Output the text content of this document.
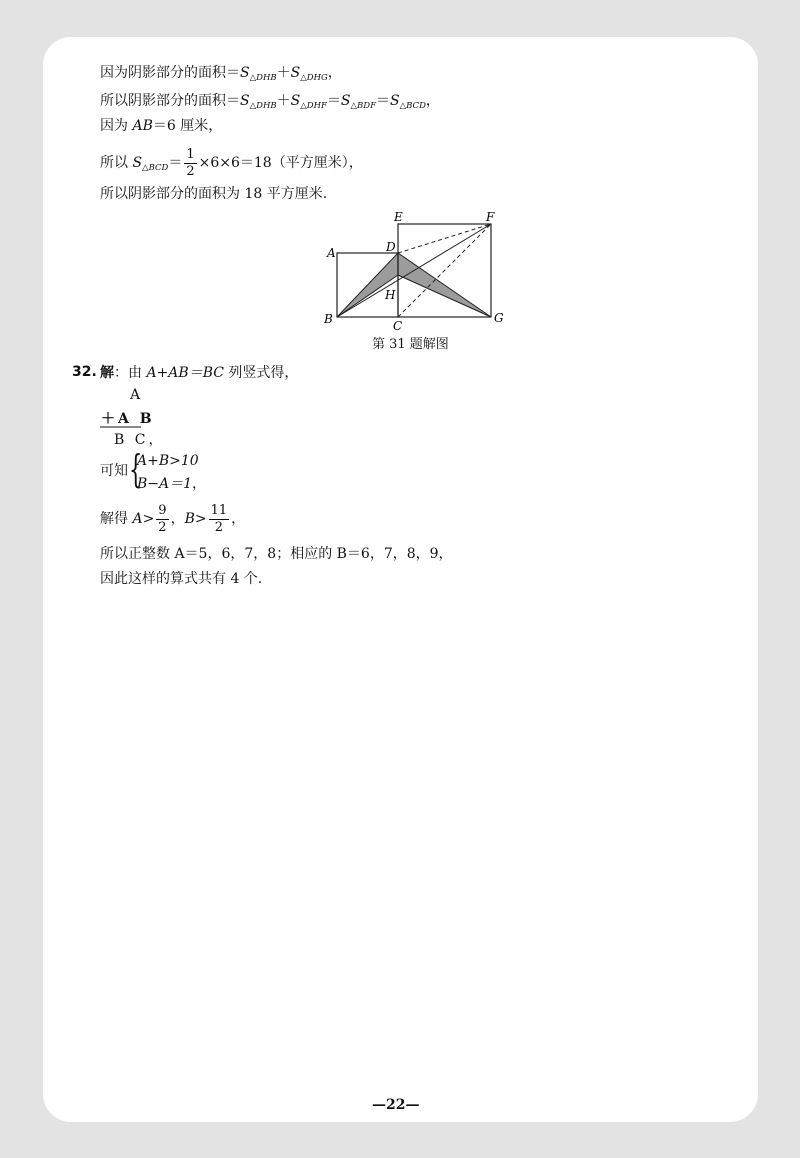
因为阴影部分的面积$=S_{\triangle DHB}+S_{\triangle DHG}$，
所以阴影部分的面积$=S_{\triangle DHB}+S_{\triangle DHF}=S_{\triangle BDF}=S_{\triangle BCD}$，
因为 AB＝6 厘米，
所以 $S_{\triangle BCD}= \frac{1}{2} \times 6\times 6=18$（平方厘米），
所以阴影部分的面积为 18 平方厘米.
A
B	C
D
E	F
G
H
第 31 题解图
32. 解：由 A+AB＝BC 列竖式得，
A
＋A B
B C，
可知 {
A+B>10
B−A＝1，
解得 $A> \frac{9}{2}$ ，$B> \frac{11}{2}$ ，
所以正整数 A＝5，6，7，8；相应的 B＝6，7，8，9，
因此这样的算式共有 4 个.
—22—
